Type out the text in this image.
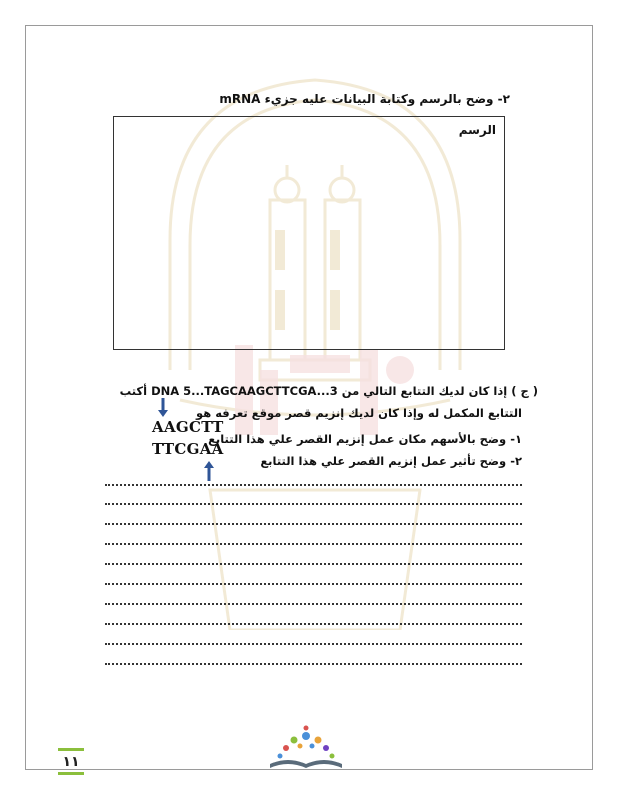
٢- وضح بالرسم وكتابة البيانات عليه جزيء mRNA
الرسم
( ج ) إذا كان لديك التتابع التالي من DNA 5...TAGCAAGCTTCGA...3 أكتب
التتابع المكمل له وإذا كان لديك إنزيم قصر موقع تعرفه هو
١- وضح بالأسهم مكان عمل إنزيم القصر علي هذا التتابع
٢- وضح تأثير عمل إنزيم القصر علي هذا التتابع
AAGCTT
TTCGAA
١١
